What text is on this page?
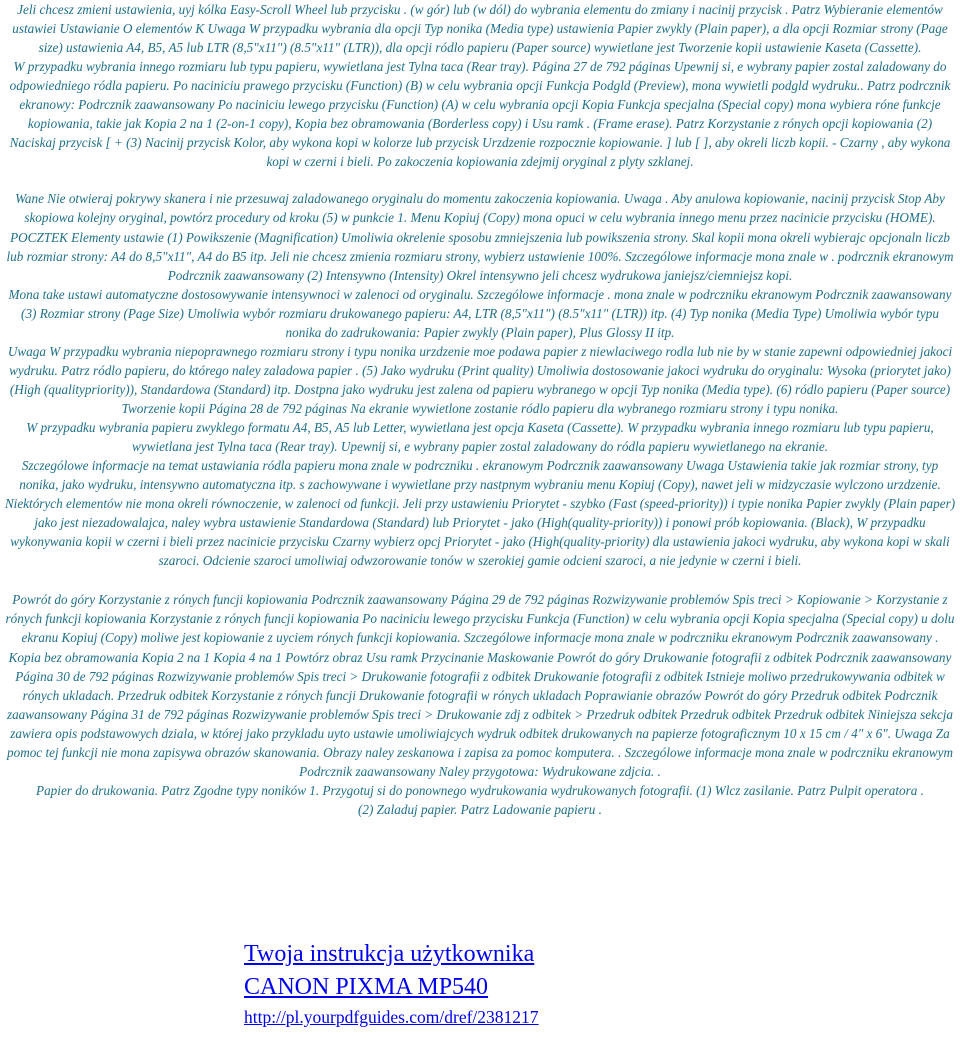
Jeli chcesz zmieni ustawienia, uyj kólka Easy-Scroll Wheel lub przycisku . (w gór) lub (w dól) do wybrania elementu do zmiany i nacinij przycisk . Patrz Wybieranie elementów ustawiei Ustawianie O elementów K Uwaga W przypadku wybrania dla opcji Typ nonika (Media type) ustawienia Papier zwykly (Plain paper), a dla opcji Rozmiar strony (Page size) ustawienia A4, B5, A5 lub LTR (8,5"x11") (8.5"x11" (LTR)), dla opcji ródlo papieru (Paper source) wywietlane jest Tworzenie kopii ustawienie Kaseta (Cassette).

W przypadku wybrania innego rozmiaru lub typu papieru, wywietlana jest Tylna taca (Rear tray). Página 27 de 792 páginas Upewnij si, e wybrany papier zostal zaladowany do odpowiedniego ródla papieru. Po naciniciu prawego przycisku (Function) (B) w celu wybrania opcji Funkcja Podgld (Preview), mona wywietli podgld wydruku.. Patrz podrcznik ekranowy: Podrcznik zaawansowany Po naciniciu lewego przycisku (Function) (A) w celu wybrania opcji Kopia Funkcja specjalna (Special copy) mona wybiera róne funkcje kopiowania, takie jak Kopia 2 na 1 (2-on-1 copy), Kopia bez obramowania (Borderless copy) i Usu ramk . (Frame erase). Patrz Korzystanie z rónych opcji kopiowania (2) Naciskaj przycisk [ + (3) Nacinij przycisk Kolor, aby wykona kopi w kolorze lub przycisk Urzdzenie rozpocznie kopiowanie. ] lub [ ], aby okreli liczb kopii. - Czarny , aby wykona kopi w czerni i bieli. Po zakoczenia kopiowania zdejmij oryginal z plyty szklanej.

Wane Nie otwieraj pokrywy skanera i nie przesuwaj zaladowanego oryginalu do momentu zakoczenia kopiowania. Uwaga . Aby anulowa kopiowanie, nacinij przycisk Stop Aby skopiowa kolejny oryginal, powtórz procedury od kroku (5) w punkcie 1. Menu Kopiuj (Copy) mona opuci w celu wybrania innego menu przez nacinicie przycisku (HOME). POCZTEK Elementy ustawie (1) Powikszenie (Magnification) Umoliwia okrelenie sposobu zmniejszenia lub powikszenia strony. Skal kopii mona okreli wybierajc opcjonaln liczb lub rozmiar strony: A4 do 8,5"x11", A4 do B5 itp. Jeli nie chcesz zmienia rozmiaru strony, wybierz ustawienie 100%. Szczególowe informacje mona znale w . podrcznik ekranowym Podrcznik zaawansowany (2) Intensywno (Intensity) Okrel intensywno jeli chcesz wydrukowa janiejsz/ciemniejsz kopi.

Mona take ustawi automatyczne dostosowywanie intensywnoci w zalenoci od oryginalu. Szczególowe informacje . mona znale w podrczniku ekranowym Podrcznik zaawansowany (3) Rozmiar strony (Page Size) Umoliwia wybór rozmiaru drukowanego papieru: A4, LTR (8,5"x11") (8.5"x11" (LTR)) itp. (4) Typ nonika (Media Type) Umoliwia wybór typu nonika do zadrukowania: Papier zwykly (Plain paper), Plus Glossy II itp.

Uwaga W przypadku wybrania niepoprawnego rozmiaru strony i typu nonika urzdzenie moe podawa papier z niewlaciwego rodla lub nie by w stanie zapewni odpowiedniej jakoci wydruku. Patrz ródlo papieru, do którego naley zaladowa papier . (5) Jako wydruku (Print quality) Umoliwia dostosowanie jakoci wydruku do oryginalu: Wysoka (priorytet jako) (High (qualitypriority)), Standardowa (Standard) itp. Dostpna jako wydruku jest zalena od papieru wybranego w opcji Typ nonika (Media type). (6) ródlo papieru (Paper source) Tworzenie kopii Página 28 de 792 páginas Na ekranie wywietlone zostanie ródlo papieru dla wybranego rozmiaru strony i typu nonika.

W przypadku wybrania papieru zwyklego formatu A4, B5, A5 lub Letter, wywietlana jest opcja Kaseta (Cassette). W przypadku wybrania innego rozmiaru lub typu papieru, wywietlana jest Tylna taca (Rear tray). Upewnij si, e wybrany papier zostal zaladowany do ródla papieru wywietlanego na ekranie.

Szczególowe informacje na temat ustawiania ródla papieru mona znale w podrczniku . ekranowym Podrcznik zaawansowany Uwaga Ustawienia takie jak rozmiar strony, typ nonika, jako wydruku, intensywno automatyczna itp. s zachowywane i wywietlane przy nastpnym wybraniu menu Kopiuj (Copy), nawet jeli w midzyczasie wylczono urzdzenie. Niektórych elementów nie mona okreli równoczenie, w zalenoci od funkcji. Jeli przy ustawieniu Priorytet - szybko (Fast (speed-priority)) i typie nonika Papier zwykly (Plain paper) jako jest niezadowalajca, naley wybra ustawienie Standardowa (Standard) lub Priorytet - jako (High(quality-priority)) i ponowi prób kopiowania. (Black), W przypadku wykonywania kopii w czerni i bieli przez nacinicie przycisku Czarny wybierz opcj Priorytet - jako (High(quality-priority) dla ustawienia jakoci wydruku, aby wykona kopi w skali szaroci. Odcienie szaroci umoliwiaj odwzorowanie tonów w szerokiej gamie odcieni szaroci, a nie jedynie w czerni i bieli.

Powrót do góry Korzystanie z rónych funcji kopiowania Podrcznik zaawansowany Página 29 de 792 páginas Rozwizywanie problemów Spis treci > Kopiowanie > Korzystanie z rónych funkcji kopiowania Korzystanie z rónych funcji kopiowania Po naciniciu lewego przycisku Funkcja (Function) w celu wybrania opcji Kopia specjalna (Special copy) u dolu ekranu Kopiuj (Copy) moliwe jest kopiowanie z uyciem rónych funkcji kopiowania. Szczególowe informacje mona znale w podrczniku ekranowym Podrcznik zaawansowany . Kopia bez obramowania Kopia 2 na 1 Kopia 4 na 1 Powtórz obraz Usu ramk Przycinanie Maskowanie Powrót do góry Drukowanie fotografii z odbitek Podrcznik zaawansowany Página 30 de 792 páginas Rozwizywanie problemów Spis treci > Drukowanie fotografii z odbitek Drukowanie fotografii z odbitek Istnieje moliwo przedrukowywania odbitek w rónych ukladach. Przedruk odbitek Korzystanie z rónych funcji Drukowanie fotografii w rónych ukladach Poprawianie obrazów Powrót do góry Przedruk odbitek Podrcznik zaawansowany Página 31 de 792 páginas Rozwizywanie problemów Spis treci > Drukowanie zdj z odbitek > Przedruk odbitek Przedruk odbitek Przedruk odbitek Niniejsza sekcja zawiera opis podstawowych dziala, w której jako przykladu uyto ustawie umoliwiajcych wydruk odbitek drukowanych na papierze fotograficznym 10 x 15 cm / 4" x 6". Uwaga Za pomoc tej funkcji nie mona zapisywa obrazów skanowania. Obrazy naley zeskanowa i zapisa za pomoc komputera. . Szczególowe informacje mona znale w podrczniku ekranowym Podrcznik zaawansowany Naley przygotowa: Wydrukowane zdjcia. .

Papier do drukowania. Patrz Zgodne typy noników 1. Przygotuj si do ponownego wydrukowania wydrukowanych fotografii. (1) Wlcz zasilanie. Patrz Pulpit operatora .

(2) Zaladuj papier. Patrz Ladowanie papieru .

Twoja instrukcja użytkownika
CANON PIXMA MP540
http://pl.yourpdfguides.com/dref/2381217
